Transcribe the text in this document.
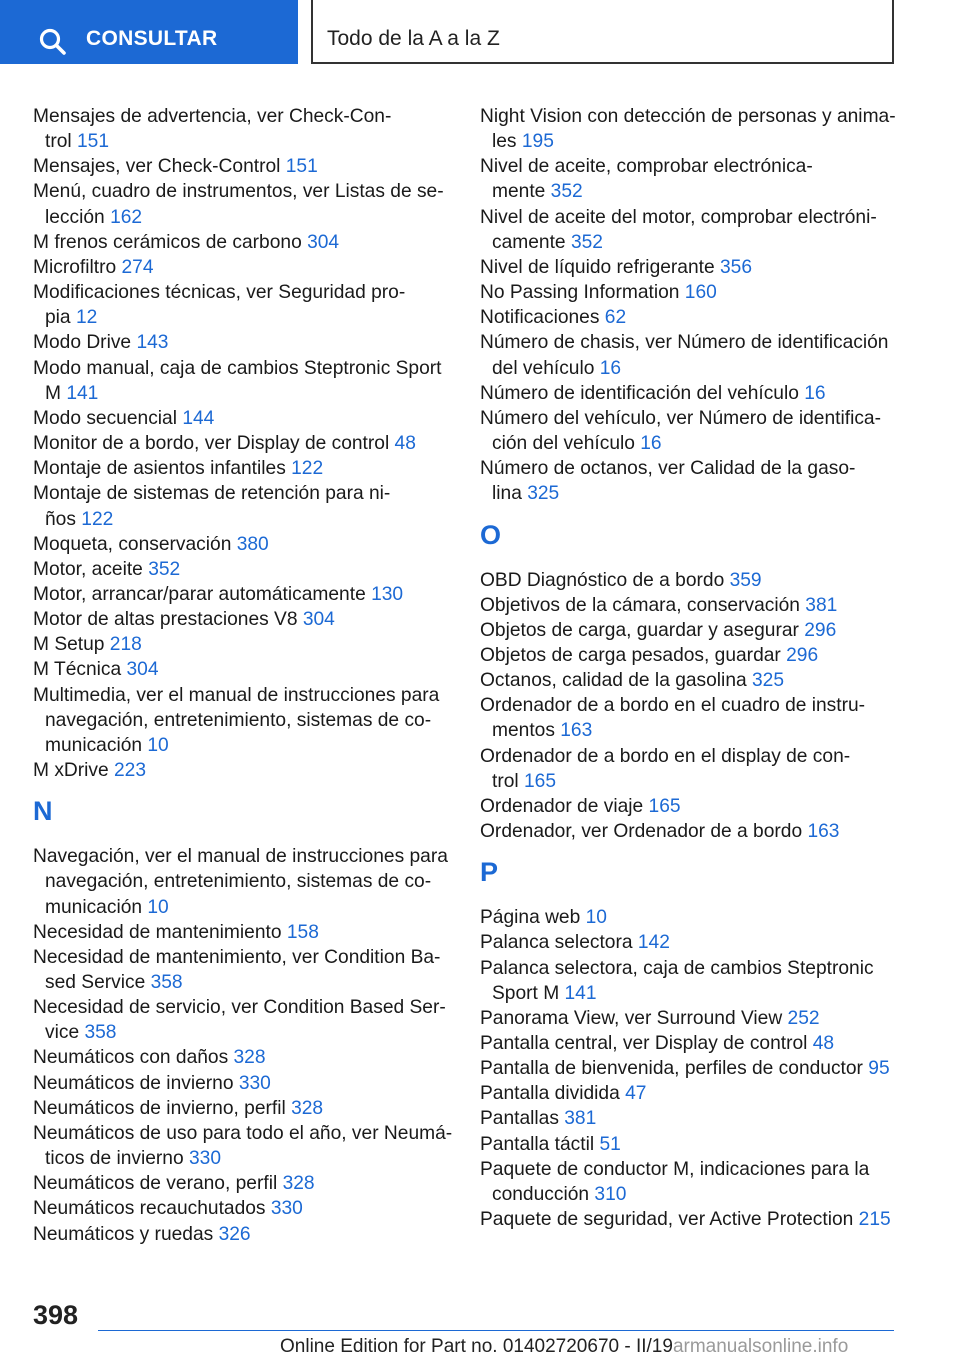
CONSULTAR	Todo de la A a la Z
Mensajes de advertencia, ver Check-Con-
trol 151
Mensajes, ver Check-Control 151
Menú, cuadro de instrumentos, ver Listas de se-
lección 162
M frenos cerámicos de carbono 304
Microfiltro 274
Modificaciones técnicas, ver Seguridad pro-
pia 12
Modo Drive 143
Modo manual, caja de cambios Steptronic Sport
M 141
Modo secuencial 144
Monitor de a bordo, ver Display de control 48
Montaje de asientos infantiles 122
Montaje de sistemas de retención para ni-
ños 122
Moqueta, conservación 380
Motor, aceite 352
Motor, arrancar/parar automáticamente 130
Motor de altas prestaciones V8 304
M Setup 218
M Técnica 304
Multimedia, ver el manual de instrucciones para
navegación, entretenimiento, sistemas de co-
municación 10
M xDrive 223
N
Navegación, ver el manual de instrucciones para
navegación, entretenimiento, sistemas de co-
municación 10
Necesidad de mantenimiento 158
Necesidad de mantenimiento, ver Condition Ba-
sed Service 358
Necesidad de servicio, ver Condition Based Ser-
vice 358
Neumáticos con daños 328
Neumáticos de invierno 330
Neumáticos de invierno, perfil 328
Neumáticos de uso para todo el año, ver Neumá-
ticos de invierno 330
Neumáticos de verano, perfil 328
Neumáticos recauchutados 330
Neumáticos y ruedas 326
Night Vision con detección de personas y anima-
les 195
Nivel de aceite, comprobar electrónica-
mente 352
Nivel de aceite del motor, comprobar electróni-
camente 352
Nivel de líquido refrigerante 356
No Passing Information 160
Notificaciones 62
Número de chasis, ver Número de identificación
del vehículo 16
Número de identificación del vehículo 16
Número del vehículo, ver Número de identifica-
ción del vehículo 16
Número de octanos, ver Calidad de la gaso-
lina 325
O
OBD Diagnóstico de a bordo 359
Objetivos de la cámara, conservación 381
Objetos de carga, guardar y asegurar 296
Objetos de carga pesados, guardar 296
Octanos, calidad de la gasolina 325
Ordenador de a bordo en el cuadro de instru-
mentos 163
Ordenador de a bordo en el display de con-
trol 165
Ordenador de viaje 165
Ordenador, ver Ordenador de a bordo 163
P
Página web 10
Palanca selectora 142
Palanca selectora, caja de cambios Steptronic
Sport M 141
Panorama View, ver Surround View 252
Pantalla central, ver Display de control 48
Pantalla de bienvenida, perfiles de conductor 95
Pantalla dividida 47
Pantallas 381
Pantalla táctil 51
Paquete de conductor M, indicaciones para la
conducción 310
Paquete de seguridad, ver Active Protection 215
398
Online Edition for Part no. 01402720670 - II/19armanualsonline.info
